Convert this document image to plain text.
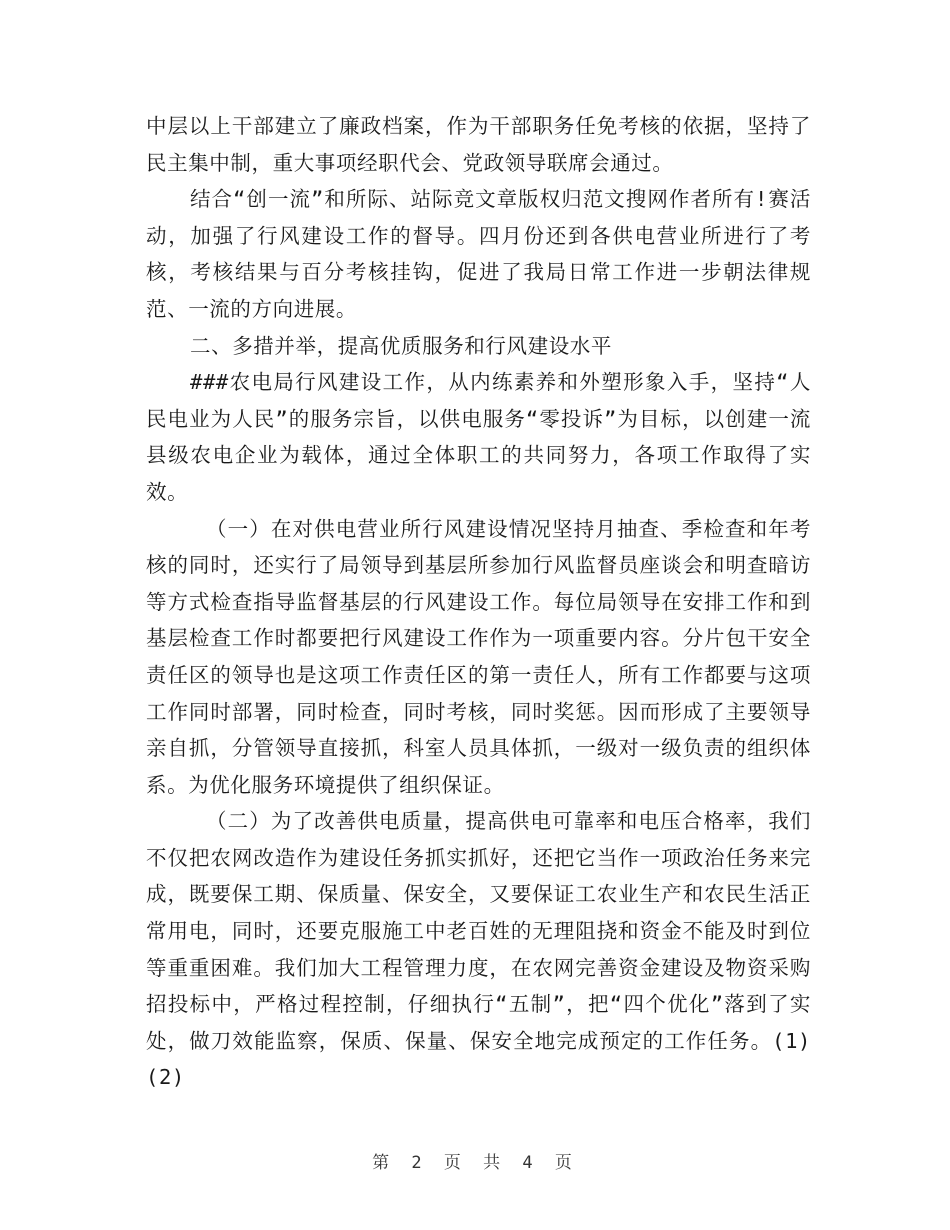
中层以上干部建立了廉政档案，作为干部职务任免考核的依据，坚持了民主集中制，重大事项经职代会、党政领导联席会通过。

结合“创一流”和所际、站际竞文章版权归范文搜网作者所有!赛活动，加强了行风建设工作的督导。四月份还到各供电营业所进行了考核，考核结果与百分考核挂钩，促进了我局日常工作进一步朝法律规范、一流的方向进展。

二、多措并举，提高优质服务和行风建设水平

###农电局行风建设工作，从内练素养和外塑形象入手，坚持“人民电业为人民”的服务宗旨，以供电服务“零投诉”为目标，以创建一流县级农电企业为载体，通过全体职工的共同努力，各项工作取得了实效。

（一）在对供电营业所行风建设情况坚持月抽查、季检查和年考核的同时，还实行了局领导到基层所参加行风监督员座谈会和明查暗访等方式检查指导监督基层的行风建设工作。每位局领导在安排工作和到基层检查工作时都要把行风建设工作作为一项重要内容。分片包干安全责任区的领导也是这项工作责任区的第一责任人，所有工作都要与这项工作同时部署，同时检查，同时考核，同时奖惩。因而形成了主要领导亲自抓，分管领导直接抓，科室人员具体抓，一级对一级负责的组织体系。为优化服务环境提供了组织保证。

（二）为了改善供电质量，提高供电可靠率和电压合格率，我们不仅把农网改造作为建设任务抓实抓好，还把它当作一项政治任务来完成，既要保工期、保质量、保安全，又要保证工农业生产和农民生活正常用电，同时，还要克服施工中老百姓的无理阻挠和资金不能及时到位等重重困难。我们加大工程管理力度，在农网完善资金建设及物资采购招投标中，严格过程控制，仔细执行“五制”，把“四个优化”落到了实处，做刀效能监察，保质、保量、保安全地完成预定的工作任务。(1)(2)

第 2 页 共 4 页
